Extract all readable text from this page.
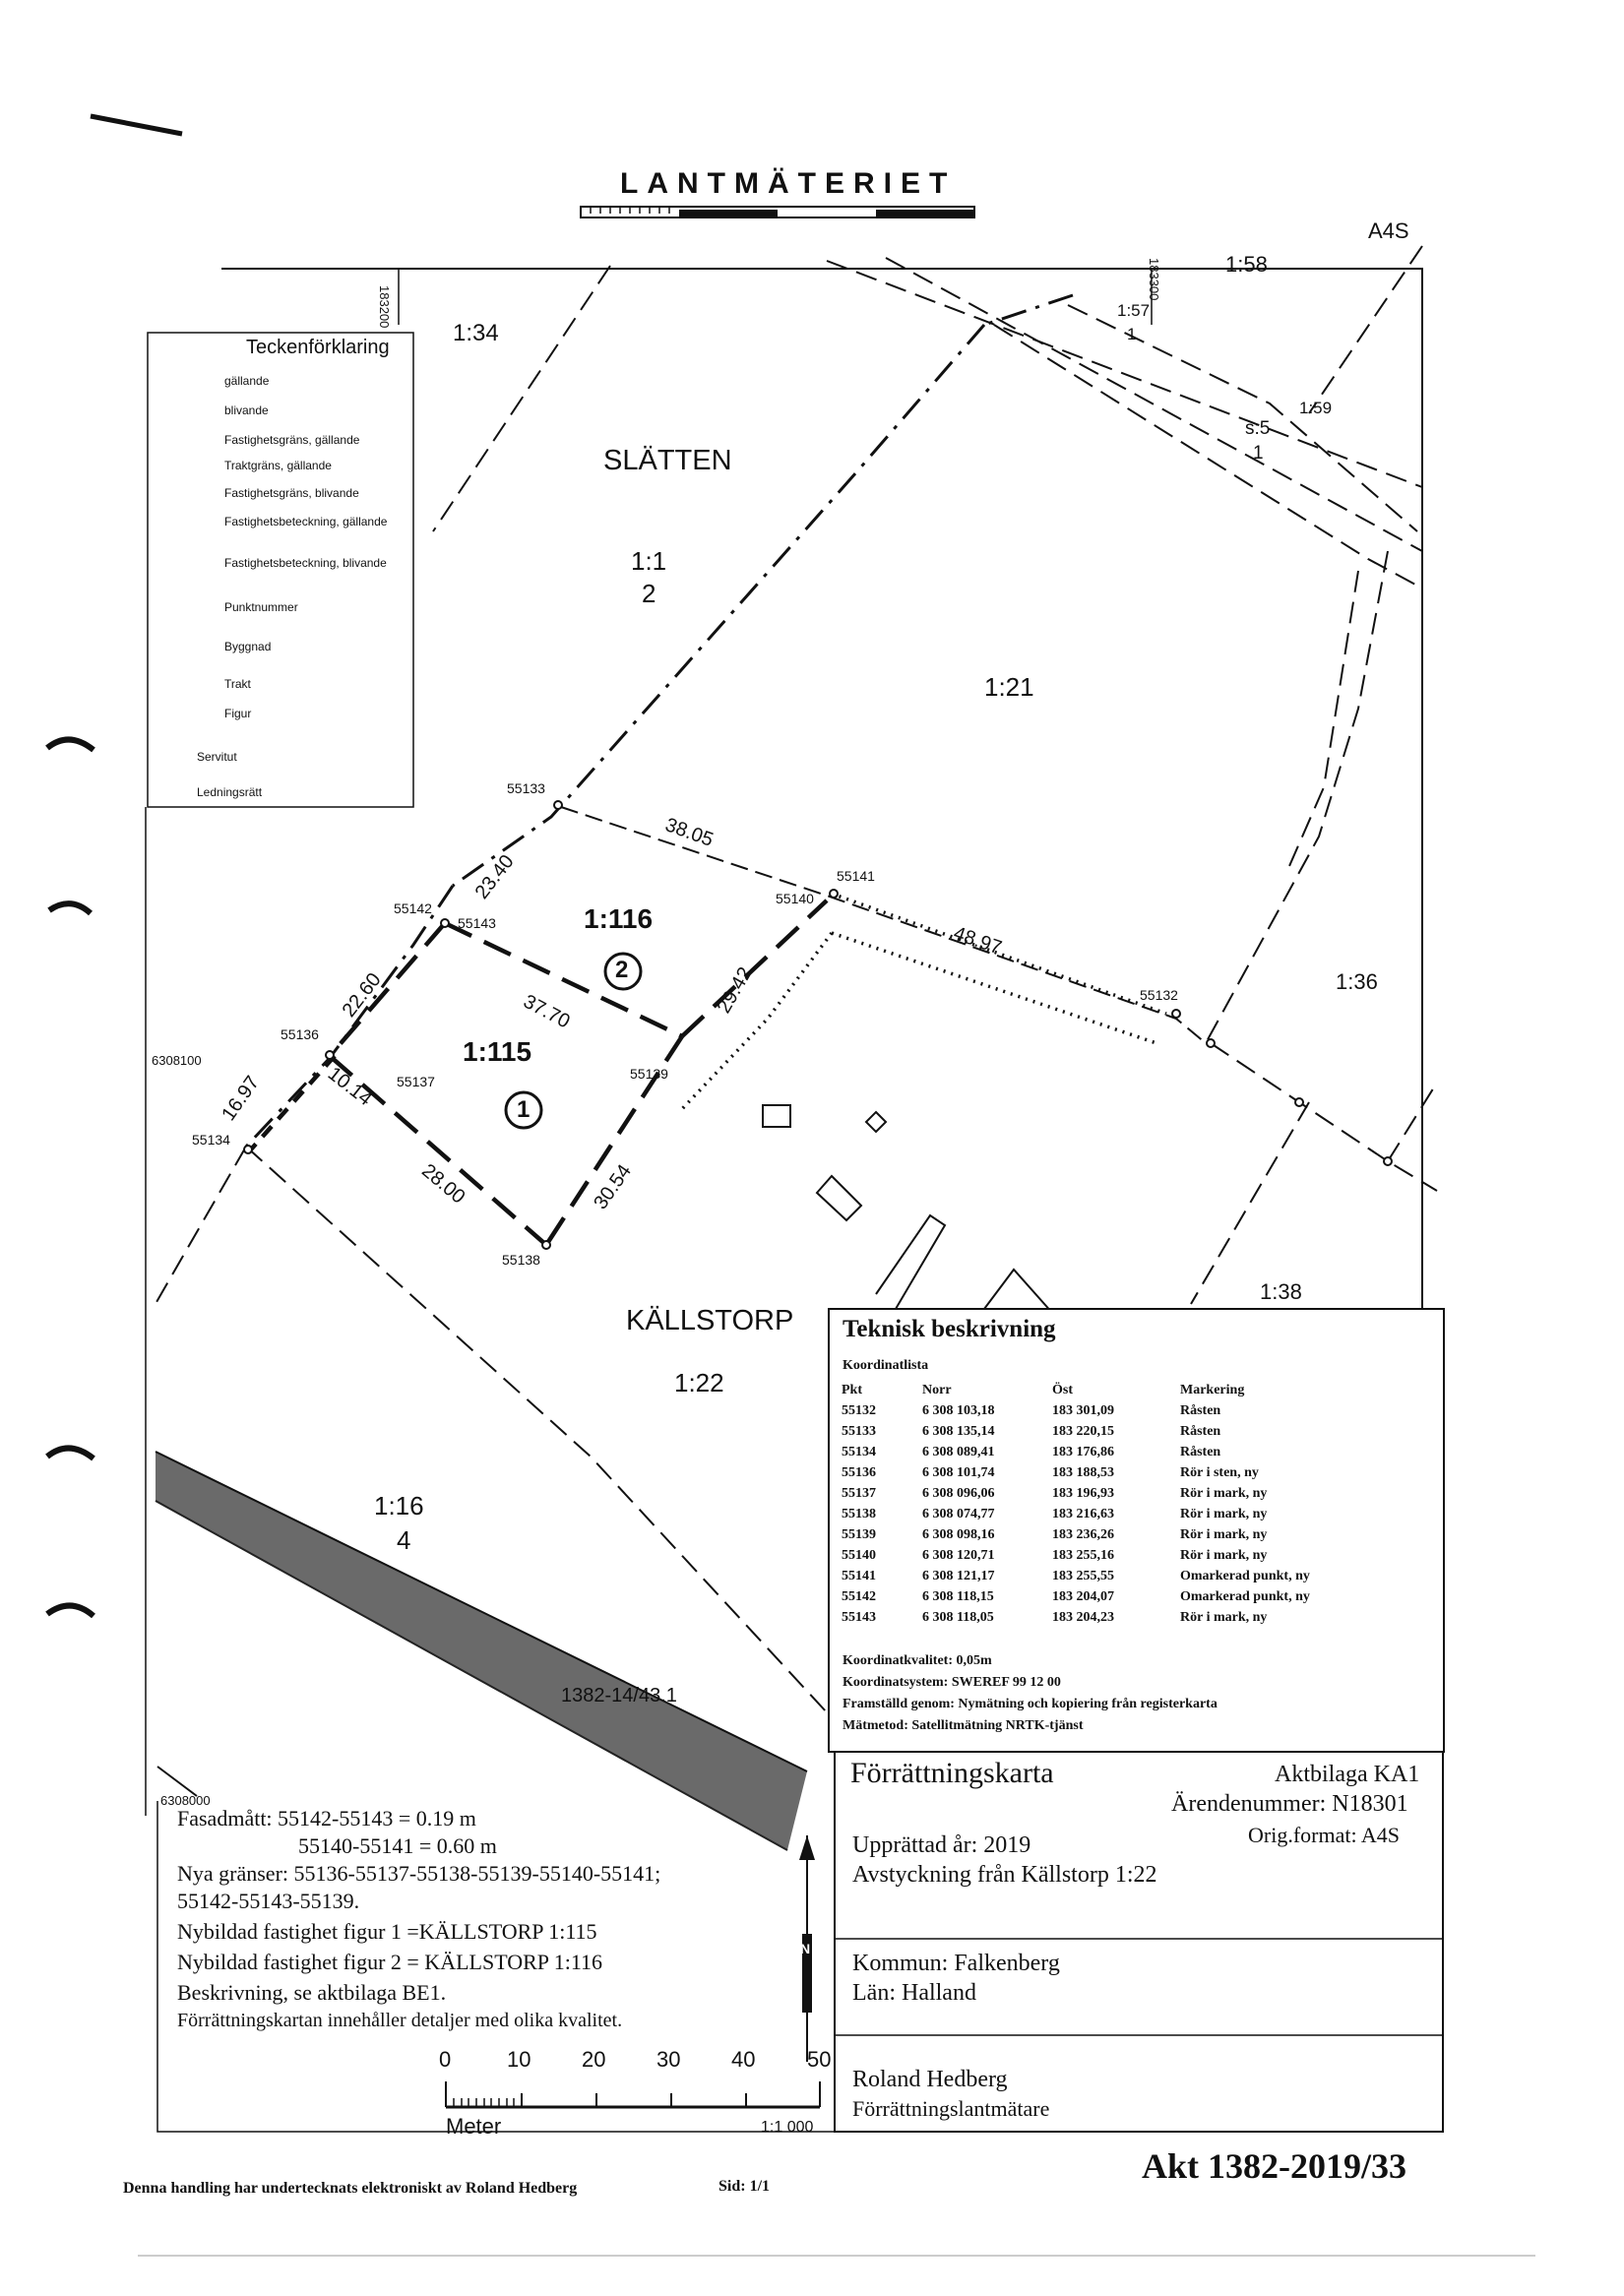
LANTMÄTERIET
A4S
Teckenförklaring
gällande
blivande
Fastighetsgräns, gällande
Traktgräns, gällande
Fastighetsgräns, blivande
Fastighetsbeteckning, gällande
Fastighetsbeteckning, blivande
Punktnummer
Byggnad
Trakt
Figur
Servitut
Ledningsrätt
183200
183300
6308100
6308000
SLÄTTEN
KÄLLSTORP
1:34
1:58
1:57
1
1:59
s:5
1
1:1
2
1:21
1:36
1:38
1:22
1:16
4
1:116
2
1:115
1
55133
55142
55143
55140
55141
55132
55136
55137	55139
55134
55138
38.05
23.40
22.60	37.70	29.42
48.97
10.14
16.97
28.00	30.54
1382-14/43.1
N
Teknisk beskrivning
Koordinatlista
Pkt	Norr	Öst	Markering
55132	6 308 103,18	183 301,09	Råsten
55133	6 308 135,14	183 220,15	Råsten
55134	6 308 089,41	183 176,86	Råsten
55136	6 308 101,74	183 188,53	Rör i sten, ny
55137	6 308 096,06	183 196,93	Rör i mark, ny
55138	6 308 074,77	183 216,63	Rör i mark, ny
55139	6 308 098,16	183 236,26	Rör i mark, ny
55140	6 308 120,71	183 255,16	Rör i mark, ny
55141	6 308 121,17	183 255,55	Omarkerad punkt, ny
55142	6 308 118,15	183 204,07	Omarkerad punkt, ny
55143	6 308 118,05	183 204,23	Rör i mark, ny
Koordinatkvalitet: 0,05m
Koordinatsystem: SWEREF 99 12 00
Framställd genom: Nymätning och kopiering från registerkarta
Mätmetod: Satellitmätning NRTK-tjänst
Fasadmått: 55142-55143 = 0.19 m
55140-55141 = 0.60 m
Nya gränser: 55136-55137-55138-55139-55140-55141;
55142-55143-55139.
Nybildad fastighet figur 1 =KÄLLSTORP 1:115
Nybildad fastighet figur 2 = KÄLLSTORP 1:116
Beskrivning, se aktbilaga BE1.
Förrättningskartan innehåller detaljer med olika kvalitet.
0	10 20 30 40 50
Meter	1:1 000
Förrättningskarta	Aktbilaga KA1
Ärendenummer: N18301
Orig.format: A4S
Upprättad år: 2019
Avstyckning från Källstorp 1:22
Kommun: Falkenberg
Län: Halland
Roland Hedberg
Förrättningslantmätare
Denna handling har undertecknats elektroniskt av Roland Hedberg	Sid: 1/1
Akt 1382-2019/33
